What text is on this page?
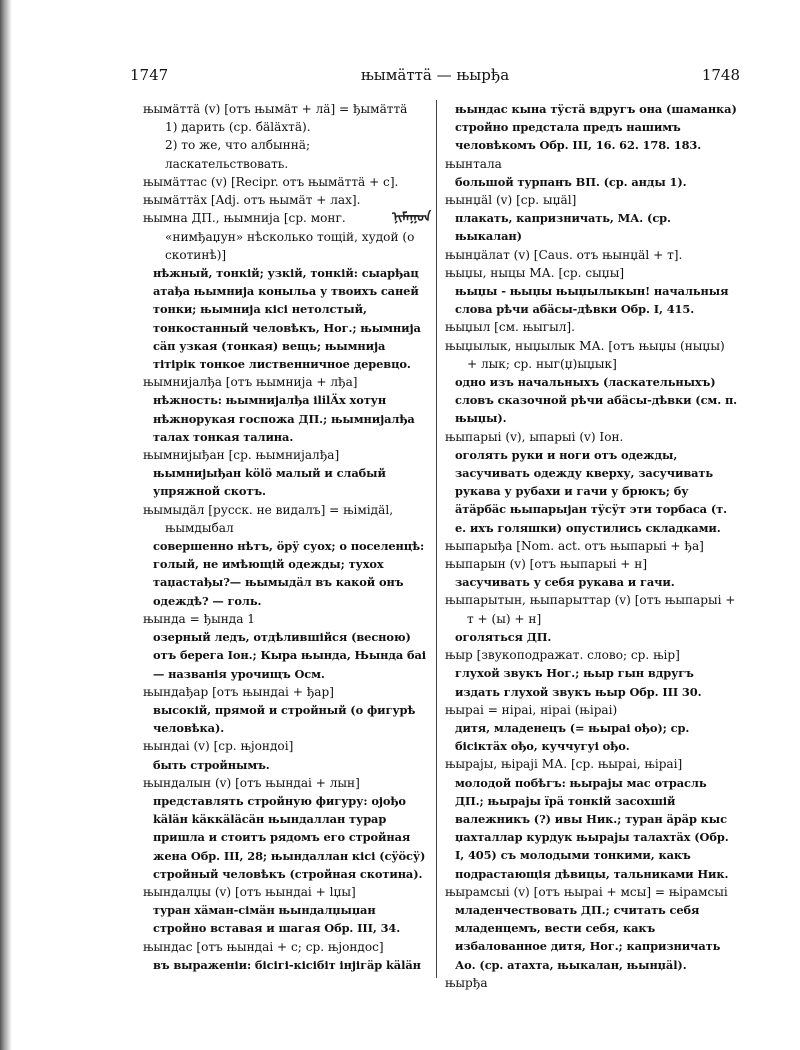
1747	њымäттä — њырђа	1748
њымäттä (v) [отъ њымäт + лä] = ђымäттä
1) дарить (ср. бäläхтä).
2) то же, что албыннä; ласкательствовать.
њымäттас (v) [Recipr. отъ њымäттä + с].
њымäттäх [Adj. отъ њымäт + лах].
њымна ДП., њымнија [ср. монг.	ᠨᠢᠮᠠᠭᠤᠨ
«нимђаџун» нѣсколько тощій, худой (о скотинѣ)]
нѣжный, тонкій; узкій, тонкій: сыарђац атађа њымнија коныльа у твоихъ саней тонки; њымнија кісі нетолстый, тонкостанный человѣкъ, Ног.; њымнија сäп узкая (тонкая) вещь; њымнија тітірік тонкое лиственничное деревцо.
њымнијалђа [отъ њымнија + лђа]
нѣжность: њымнијалђа іlilÄх хотун нѣжнорукая госпожа ДП.; њымнијалђа талах тонкая талина.
њымнијыђан [ср. њымнијалђа]
њымнијыђан kölö малый и слабый упряжной скотъ.
њымыдäл [русск. не видалъ] = њімідäl, њымдыбал
совершенно нѣтъ, ӧрӱ суох; о поселенцѣ: голый, не имѣющій одежды; тухох таџастађы?— њымыдäл въ какой онъ одеждѣ? — голь.
њында = ђында 1
озерный ледъ, отдѣлившійся (весною) отъ берега Іон.; Кыра њында, Њында баі — названія урочищъ Осм.
њындађар [отъ њындаі + ђар]
высокій, прямой и стройный (о фигурѣ человѣка).
њындаі (v) [ср. њјондоі]
быть стройнымъ.
њындалын (v) [отъ њындаі + лын]
представлять стройную фигуру: ојођо käläн käккäläсäн њындаллан турар пришла и стоитъ рядомъ его стройная жена Обр. III, 28; њындаллан кісі (сӱӧсӱ) стройный человѣкъ (стройная скотина).
њындалџы (v) [отъ њындаі + lџы]
туран хäман-сімäн њындалџыџан стройно вставая и шагая Обр. III, 34.
њындас [отъ њындаі + с; ср. њјондос]
въ выраженіи: бісігі-кісібіт інјігäр käläн
њындас кына тӱстä вдругъ она (шаманка) стройно предстала предъ нашимъ человѣкомъ Обр. III, 16. 62. 178. 183.
њынтала
большой турпанъ ВП. (ср. анды 1).
њынџäl (v) [ср. ыџäl]
плакать, капризничать, МА. (ср. њыкалан)
њынџäлат (v) [Caus. отъ њынџäl + т].
њыџы, ныцы МА. [ср. сыџы]
њыџы - њыџы њыџылыкын! начальныя слова рѣчи абäсы-дѣвки Обр. I, 415.
њыџыл [см. њыгыл].
њыџылык, ныџылык МА. [отъ њыџы (ныџы) + лык; ср. ныг(џ)ыџык]
одно изъ начальныхъ (ласкательныхъ) словъ сказочной рѣчи абäсы-дѣвки (см. п. њыџы).
њыпарыі (v), ыпарыі (v) Іон.
оголять руки и ноги отъ одежды, засучивать одежду кверху, засучивать рукава у рубахи и гачи у брюкъ; бу äтäрбäс њыпарыјан тӱсӱт эти торбаса (т. е. ихъ голяшки) опустились складками.
њыпарыђа [Nom. act. отъ њыпарыі + ђа]
њыпарын (v) [отъ њыпарыі + н]
засучивать у себя рукава и гачи.
њыпарытын, њыпарыттар (v) [отъ њыпарыі + т + (ы) + н]
оголяться ДП.
њыр [звукоподражат. слово; ср. њір]
глухой звукъ Ног.; њыр гын вдругъ издать глухой звукъ њыр Обр. III 30.
њыраі = ніраі, ніраі (њіраі)
дитя, младенецъ (= њыраі ођо); ср. бісіктäх ођо, куччугуі ођо.
њыраjы, њіраjі МА. [ср. њыраі, њіраі]
молодой побѣгъ: њыраjы мас отрасль ДП.; њыраjы ïрä тонкій засохшій валежникъ (?) ивы Ник.; туран äрäр кыс џахталлар курдук њыраjы талахтäх (Обр. I, 405) съ молодыми тонкими, какъ подрастающія дѣвицы, тальниками Ник.
њырамсыі (v) [отъ њыраі + мсы] = њірамсыі
младенчествовать ДП.; считать себя младенцемъ, вести себя, какъ избалованное дитя, Ног.; капризничать Ао. (ср. атахта, њыкалан, њынџäl).
њырђа
